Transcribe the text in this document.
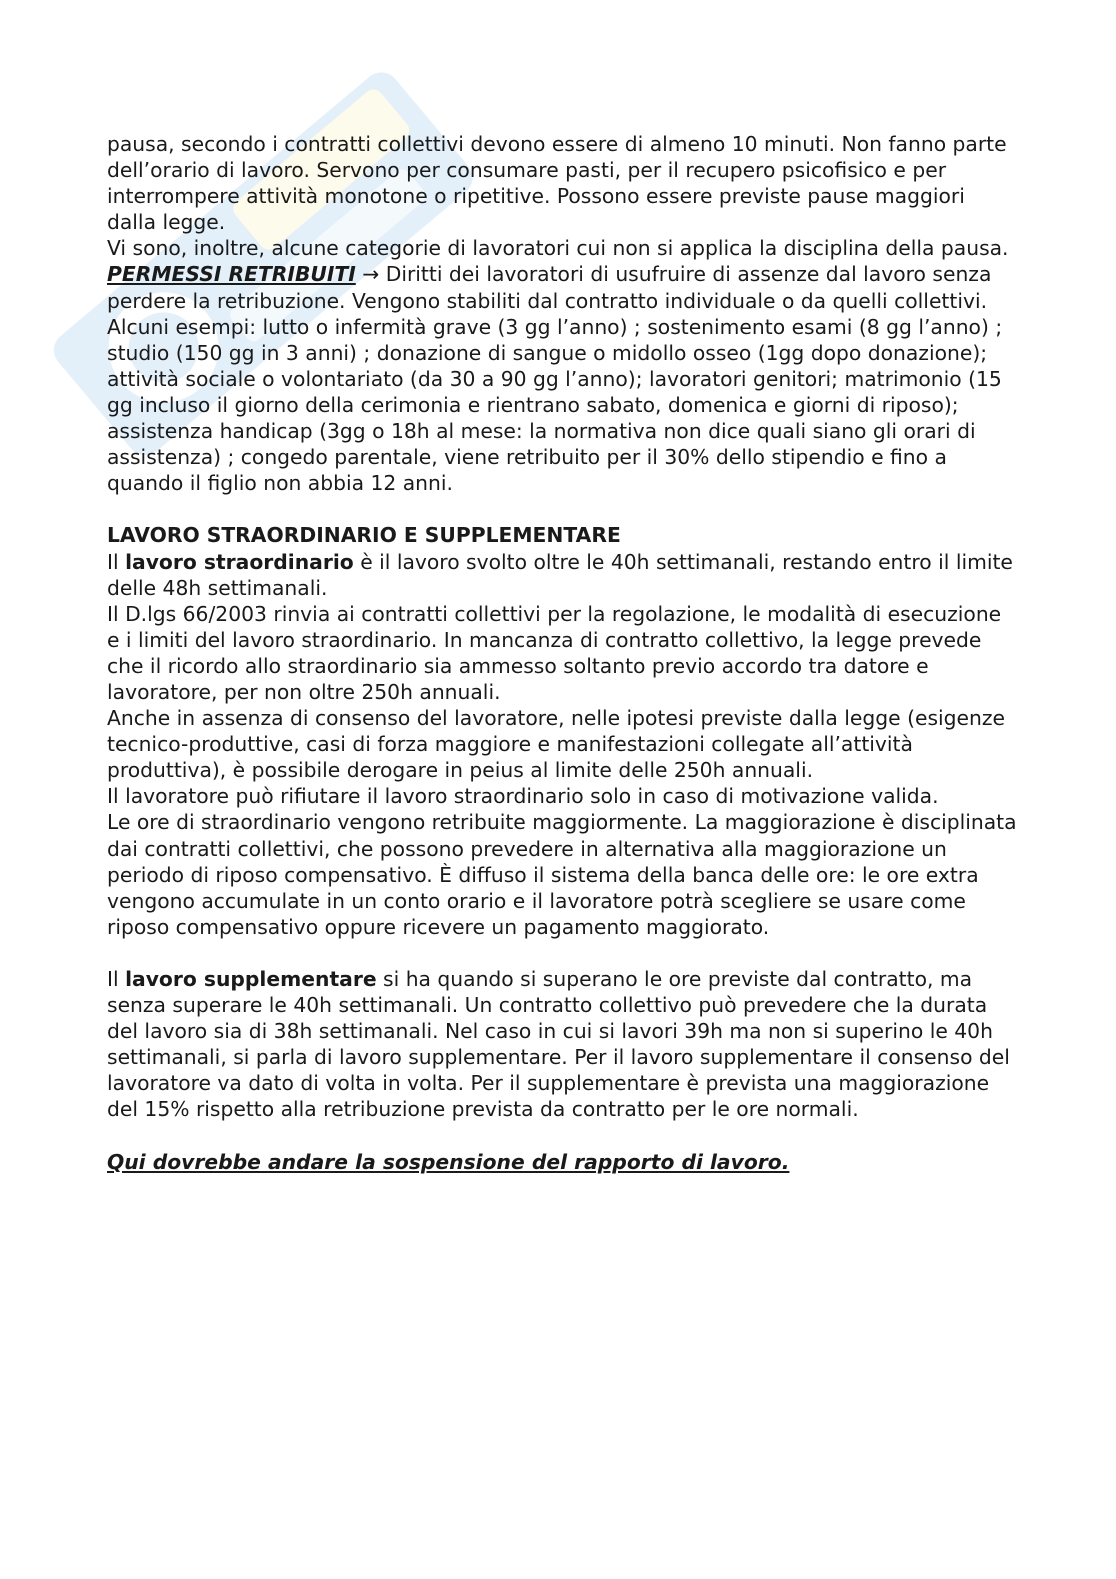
pausa, secondo i contratti collettivi devono essere di almeno 10 minuti. Non fanno parte dell’orario di lavoro. Servono per consumare pasti, per il recupero psicofisico e per interrompere attività monotone o ripetitive. Possono essere previste pause maggiori dalla legge.

Vi sono, inoltre, alcune categorie di lavoratori cui non si applica la disciplina della pausa.

PERMESSI RETRIBUITI → Diritti dei lavoratori di usufruire di assenze dal lavoro senza perdere la retribuzione. Vengono stabiliti dal contratto individuale o da quelli collettivi.

Alcuni esempi: lutto o infermità grave (3 gg l’anno) ; sostenimento esami (8 gg l’anno) ; studio (150 gg in 3 anni) ; donazione di sangue o midollo osseo (1gg dopo donazione); attività sociale o volontariato (da 30 a 90 gg l’anno); lavoratori genitori; matrimonio (15 gg incluso il giorno della cerimonia e rientrano sabato, domenica e giorni di riposo); assistenza handicap (3gg o 18h al mese: la normativa non dice quali siano gli orari di assistenza) ; congedo parentale, viene retribuito per il 30% dello stipendio e fino a quando il figlio non abbia 12 anni.

LAVORO STRAORDINARIO E SUPPLEMENTARE

Il lavoro straordinario è il lavoro svolto oltre le 40h settimanali, restando entro il limite delle 48h settimanali.

Il D.lgs 66/2003 rinvia ai contratti collettivi per la regolazione, le modalità di esecuzione e i limiti del lavoro straordinario. In mancanza di contratto collettivo, la legge prevede che il ricordo allo straordinario sia ammesso soltanto previo accordo tra datore e lavoratore, per non oltre 250h annuali.

Anche in assenza di consenso del lavoratore, nelle ipotesi previste dalla legge (esigenze tecnico-produttive, casi di forza maggiore e manifestazioni collegate all’attività produttiva), è possibile derogare in peius al limite delle 250h annuali.

Il lavoratore può rifiutare il lavoro straordinario solo in caso di motivazione valida.

Le ore di straordinario vengono retribuite maggiormente. La maggiorazione è disciplinata dai contratti collettivi, che possono prevedere in alternativa alla maggiorazione un periodo di riposo compensativo. È diffuso il sistema della banca delle ore: le ore extra vengono accumulate in un conto orario e il lavoratore potrà scegliere se usare come riposo compensativo oppure ricevere un pagamento maggiorato.

Il lavoro supplementare si ha quando si superano le ore previste dal contratto, ma senza superare le 40h settimanali. Un contratto collettivo può prevedere che la durata del lavoro sia di 38h settimanali. Nel caso in cui si lavori 39h ma non si superino le 40h settimanali, si parla di lavoro supplementare. Per il lavoro supplementare il consenso del lavoratore va dato di volta in volta. Per il supplementare è prevista una maggiorazione del 15% rispetto alla retribuzione prevista da contratto per le ore normali.

Qui dovrebbe andare la sospensione del rapporto di lavoro.
